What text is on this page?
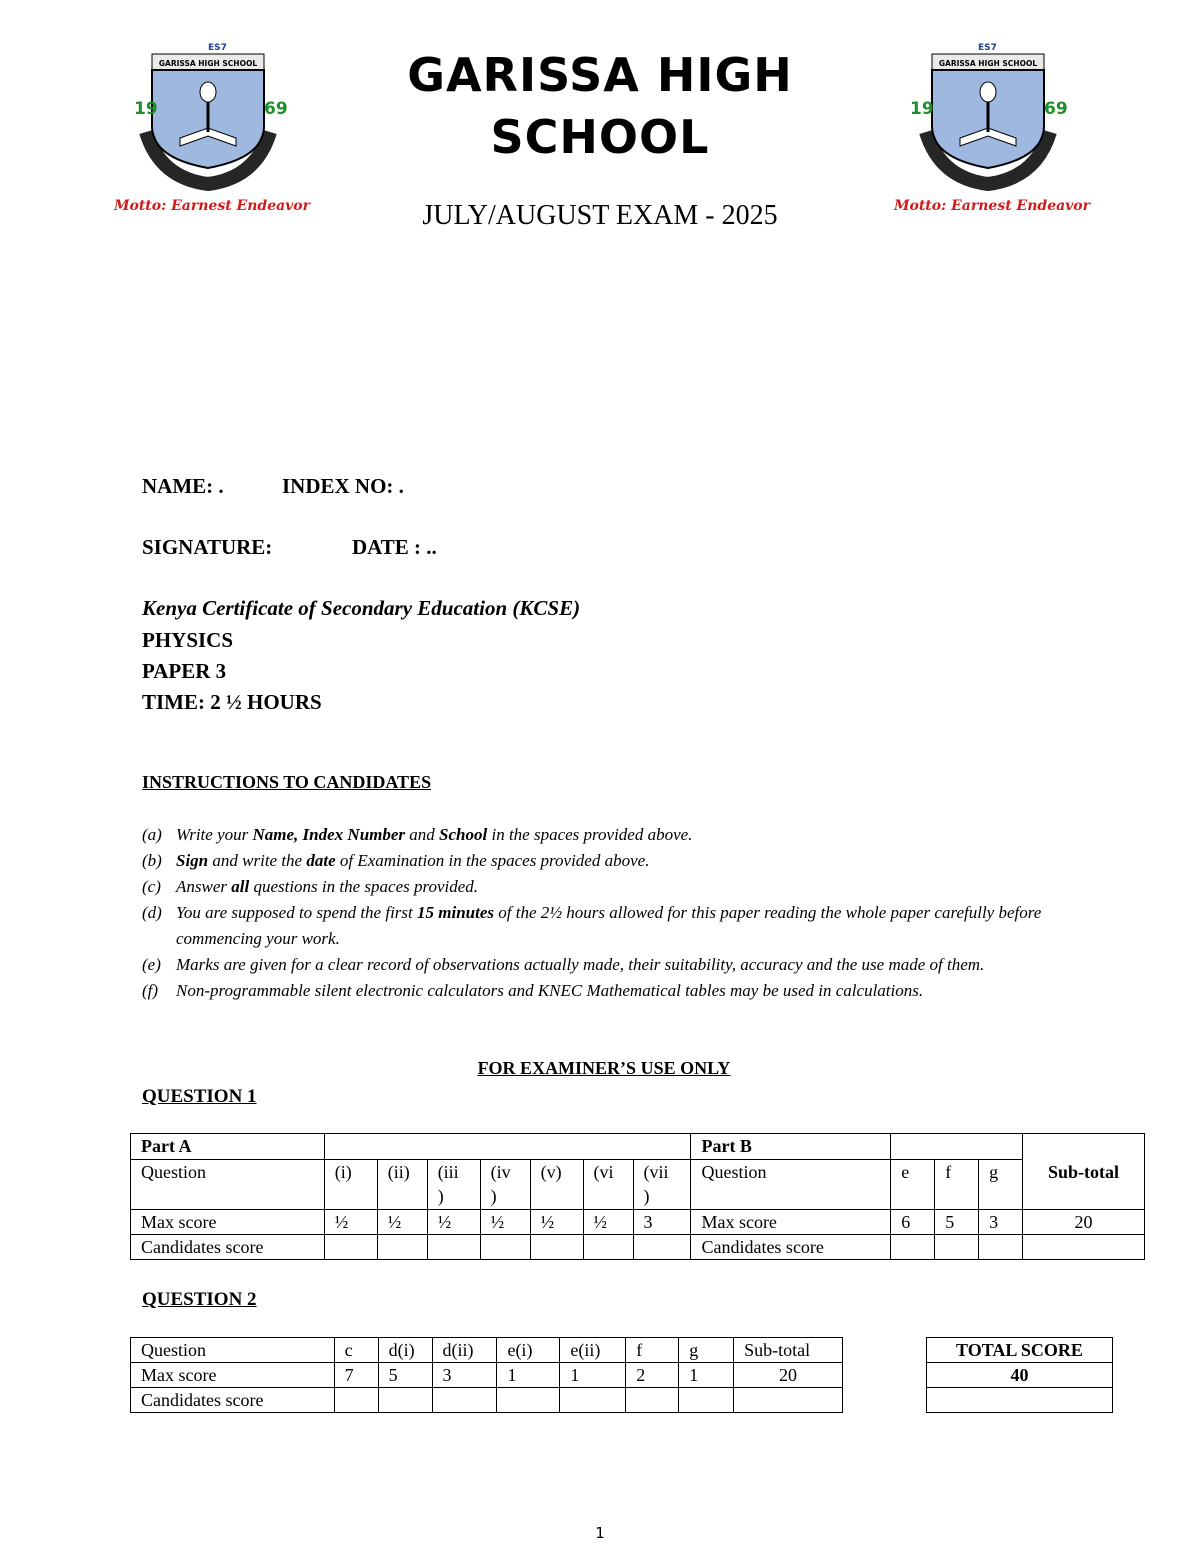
ES7
GARISSA HIGH SCHOOL
19	69
Motto: Earnest Endeavor
ES7
GARISSA HIGH SCHOOL
19	69
Motto: Earnest Endeavor
GARISSA HIGH
SCHOOL
JULY/AUGUST EXAM - 2025
NAME: .	INDEX NO: .
SIGNATURE:	DATE : ..
Kenya Certificate of Secondary Education (KCSE)
PHYSICS
PAPER 3
TIME: 2 ½ HOURS
INSTRUCTIONS TO CANDIDATES
(a) Write your Name, Index Number and School in the spaces provided above.
(b) Sign and write the date of Examination in the spaces provided above.
(c) Answer all questions in the spaces provided.
(d) You are supposed to spend the first 15 minutes of the 2½ hours allowed for this paper reading the whole paper carefully before commencing your work.
(e) Marks are given for a clear record of observations actually made, their suitability, accuracy and the use made of them.
(f)	Non-programmable silent electronic calculators and KNEC Mathematical tables may be used in calculations.
FOR EXAMINER’S USE ONLY
QUESTION 1
Part A								Part B				Sub-total
Question	(i)	(ii)	(iii
)	(iv
)	(v)	(vi	(vii
)	Question	e	f	g	
Max score	½	½	½	½	½	½	3	Max score	6	5	3	20
Candidates score								Candidates score				
QUESTION 2
Question	c	d(i)	d(ii)	e(i)	e(ii)	f	g	Sub-total
Max score	7	5	3	1	1	2	1	20
Candidates score								
TOTAL SCORE
40

1
